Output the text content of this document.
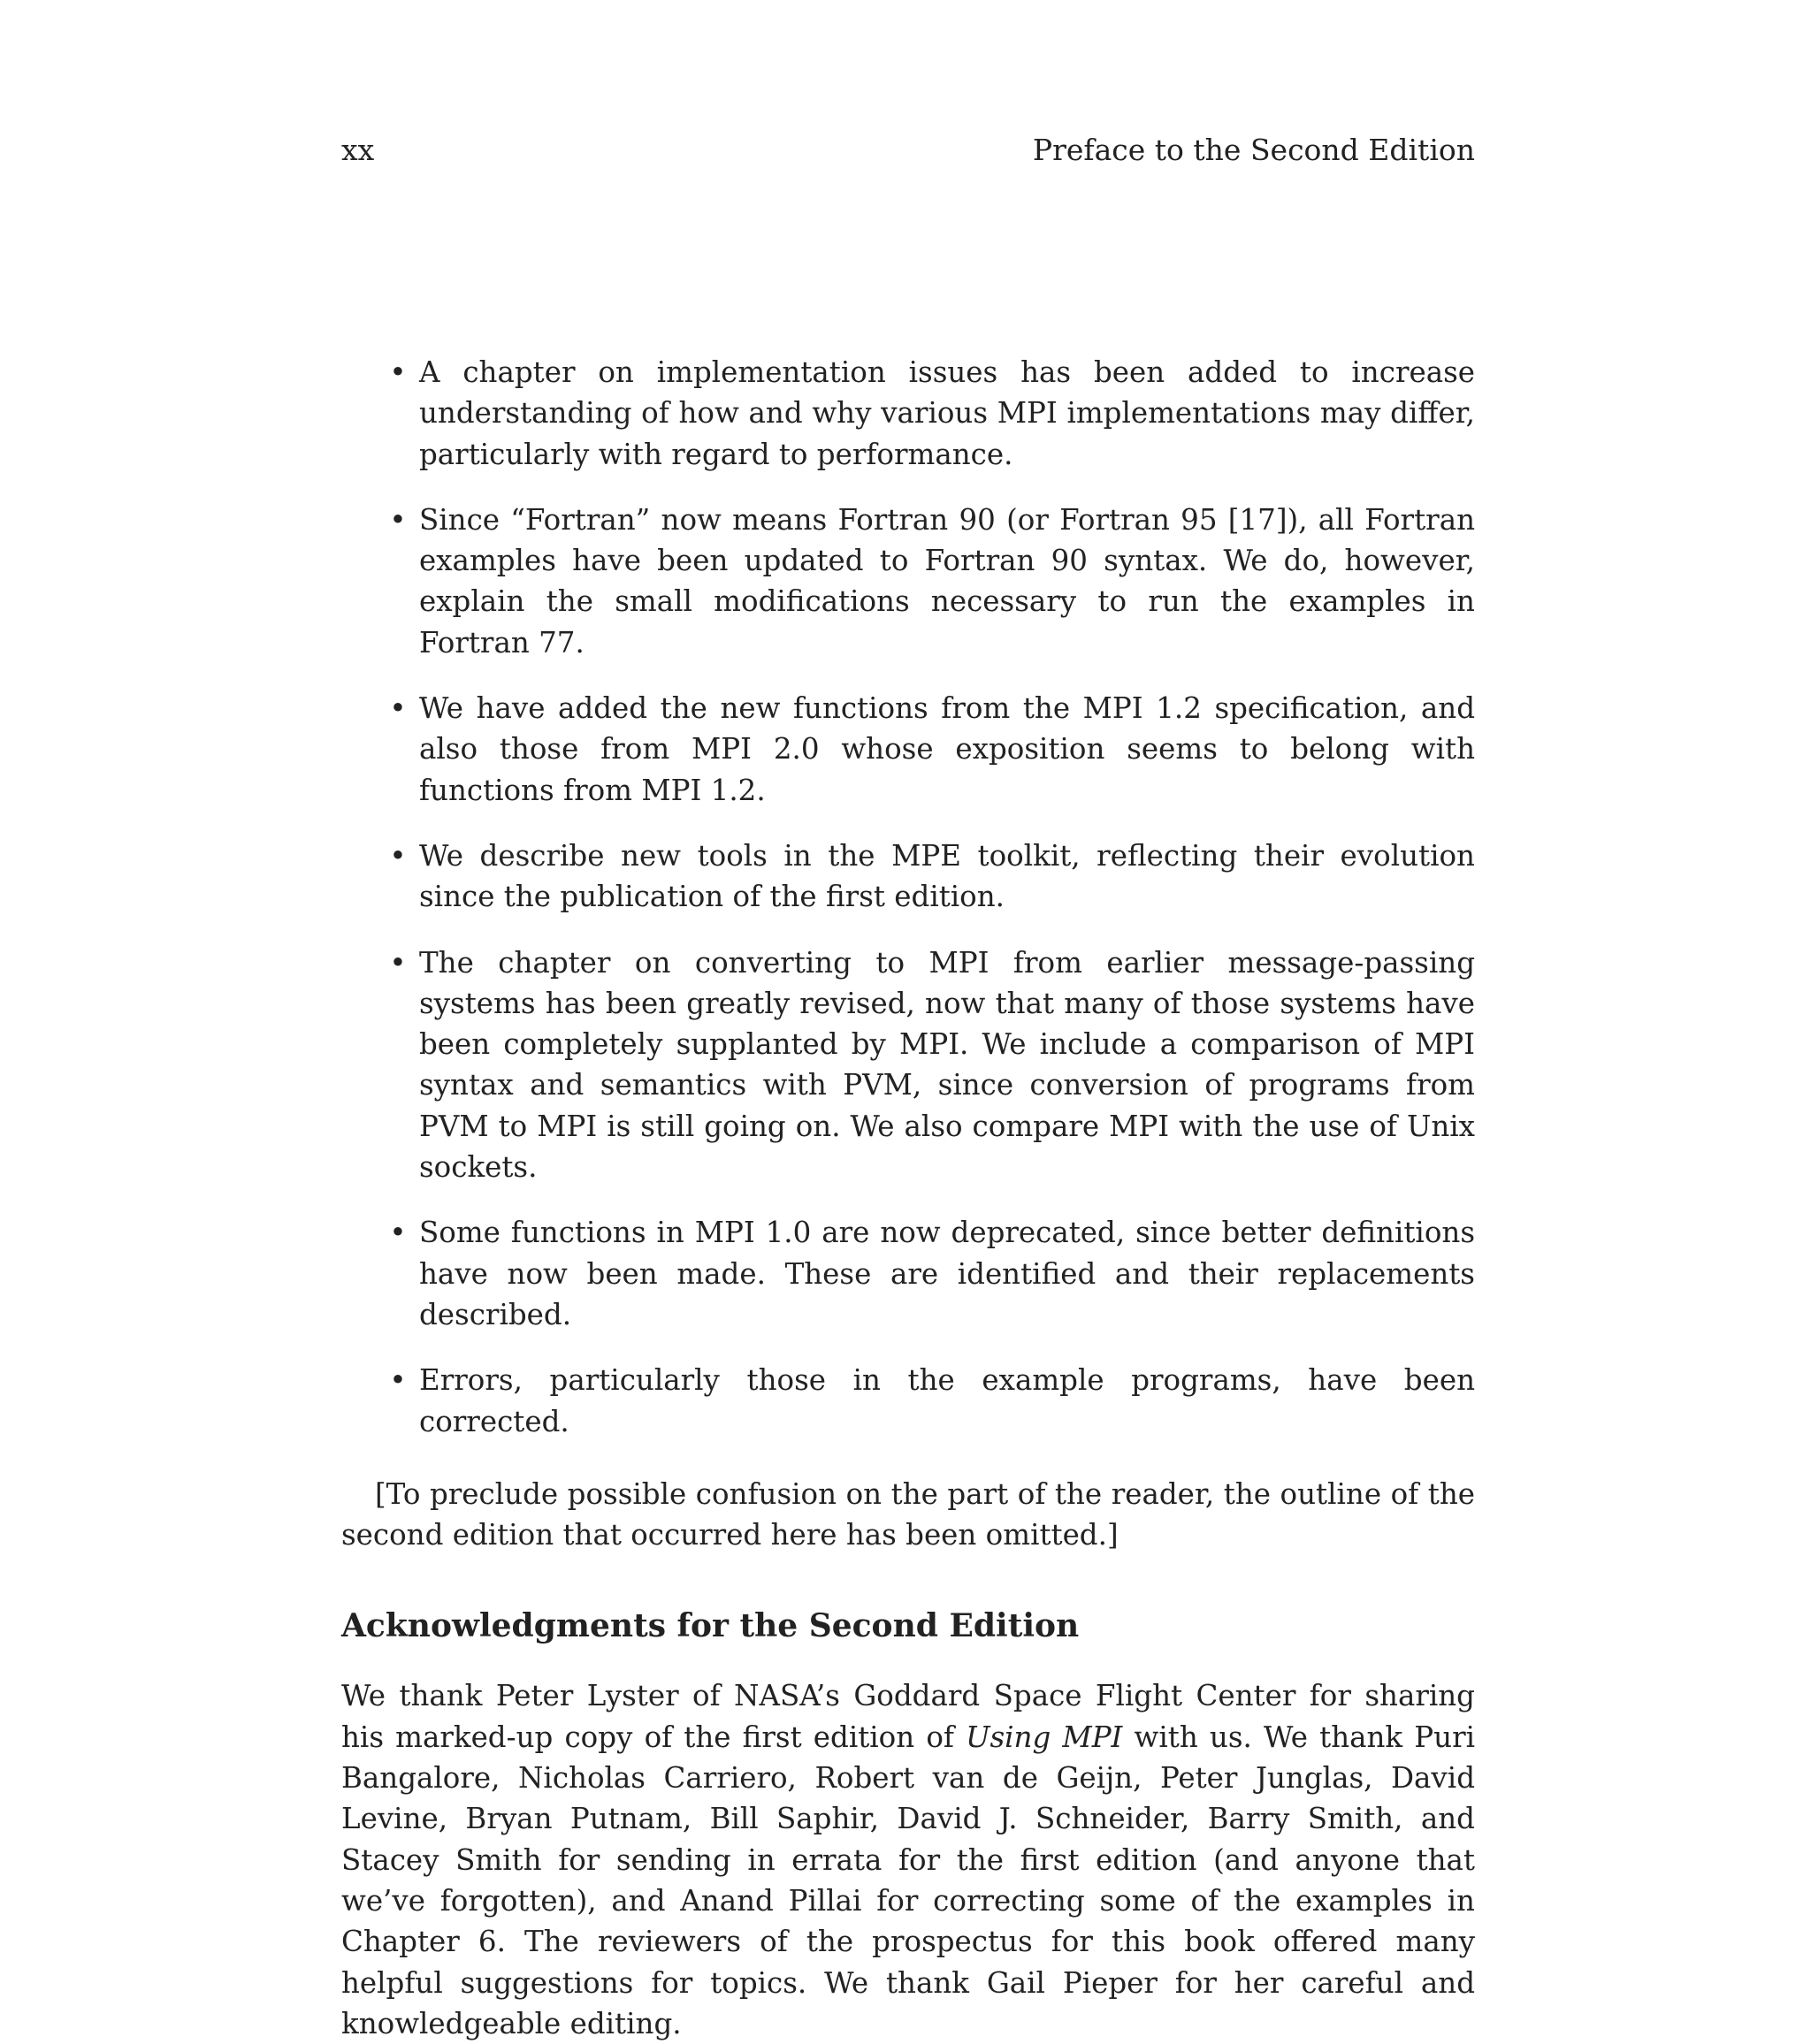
xx	Preface to the Second Edition
• A chapter on implementation issues has been added to increase understanding of how and why various MPI implementations may differ, particularly with regard to performance.
• Since “Fortran” now means Fortran 90 (or Fortran 95 [17]), all Fortran examples have been updated to Fortran 90 syntax. We do, however, explain the small modifications necessary to run the examples in Fortran 77.
• We have added the new functions from the MPI 1.2 specification, and also those from MPI 2.0 whose exposition seems to belong with functions from MPI 1.2.
• We describe new tools in the MPE toolkit, reflecting their evolution since the publication of the first edition.
• The chapter on converting to MPI from earlier message-passing systems has been greatly revised, now that many of those systems have been completely supplanted by MPI. We include a comparison of MPI syntax and semantics with PVM, since conversion of programs from PVM to MPI is still going on. We also compare MPI with the use of Unix sockets.
• Some functions in MPI 1.0 are now deprecated, since better definitions have now been made. These are identified and their replacements described.
• Errors, particularly those in the example programs, have been corrected.

[To preclude possible confusion on the part of the reader, the outline of the second edition that occurred here has been omitted.]

Acknowledgments for the Second Edition

We thank Peter Lyster of NASA’s Goddard Space Flight Center for sharing his marked-up copy of the first edition of Using MPI with us. We thank Puri Bangalore, Nicholas Carriero, Robert van de Geijn, Peter Junglas, David Levine, Bryan Putnam, Bill Saphir, David J. Schneider, Barry Smith, and Stacey Smith for sending in errata for the first edition (and anyone that we’ve forgotten), and Anand Pillai for correcting some of the examples in Chapter 6. The reviewers of the prospectus for this book offered many helpful suggestions for topics. We thank Gail Pieper for her careful and knowledgeable editing.
